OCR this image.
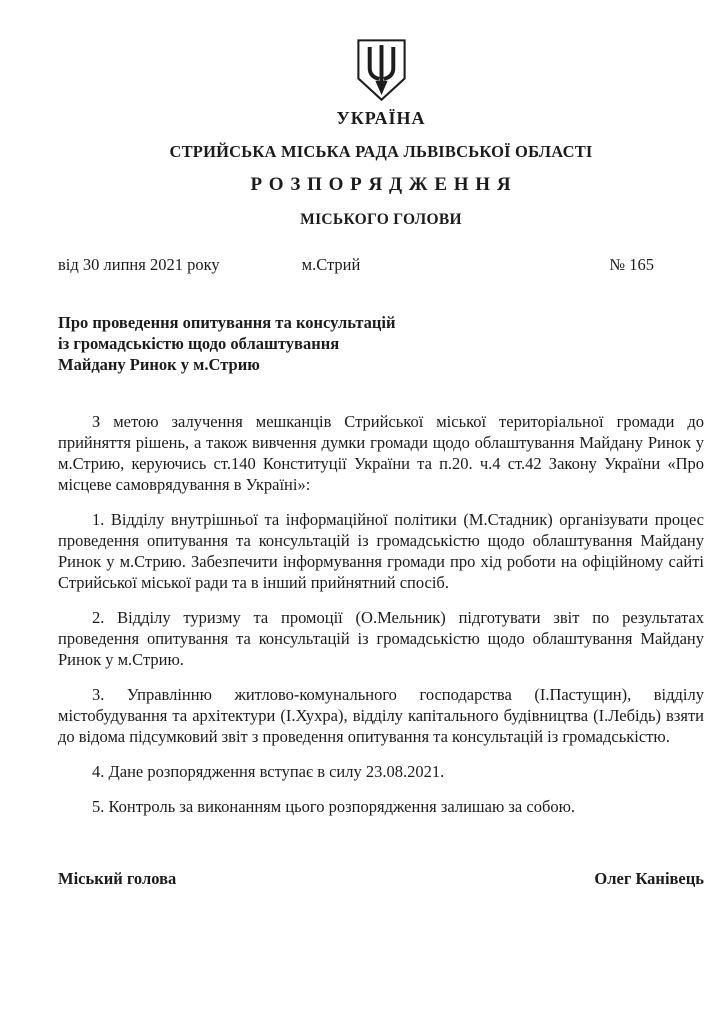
УКРАЇНА
СТРИЙСЬКА МІСЬКА РАДА ЛЬВІВСЬКОЇ ОБЛАСТІ
Р О З П О Р Я Д Ж Е Н Н Я
МІСЬКОГО ГОЛОВИ
від 30 липня 2021 року	м.Стрий	№ 165
Про проведення опитування та консультацій
із громадськістю щодо облаштування
Майдану Ринок у м.Стрию

З метою залучення мешканців Стрийської міської територіальної громади до прийняття рішень, а також вивчення думки громади щодо облаштування Майдану Ринок у м.Стрию, керуючись ст.140 Конституції України та п.20. ч.4 ст.42 Закону України «Про місцеве самоврядування в Україні»:

1. Відділу внутрішньої та інформаційної політики (М.Стадник) організувати процес проведення опитування та консультацій із громадськістю щодо облаштування Майдану Ринок у м.Стрию. Забезпечити інформування громади про хід роботи на офіційному сайті Стрийської міської ради та в інший прийнятний спосіб.

2. Відділу туризму та промоції (О.Мельник) підготувати звіт по результатах проведення опитування та консультацій із громадськістю щодо облаштування Майдану Ринок у м.Стрию.

3. Управлінню житлово-комунального господарства (І.Пастущин), відділу містобудування та архітектури (І.Хухра), відділу капітального будівництва (І.Лебідь) взяти до відома підсумковий звіт з проведення опитування та консультацій із громадськістю.

4. Дане розпорядження вступає в силу 23.08.2021.

5. Контроль за виконанням цього розпорядження залишаю за собою.

Міський голова	Олег Канівець
